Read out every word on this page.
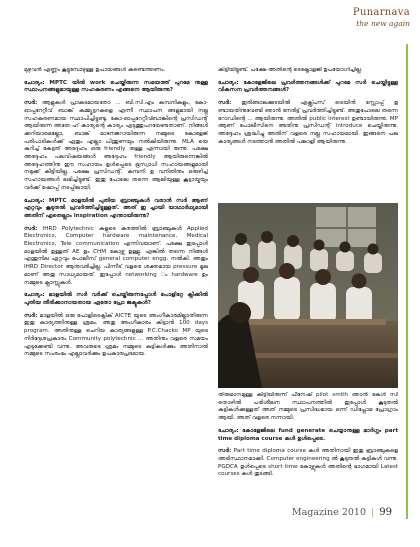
Punarnava
the new again

മുഴുവൻ എണ്ണം കൂട്ടുമ്പോഴുള്ള ഉപായങ്ങൾ കണ്ടെത്തണം.

ചോദ്യം: MPTC യിൽ work ചെയ്തിരുന്ന സമയത്ത് പുറമേ നുള്ള സ്ഥാപനങ്ങളുമായുള്ള സഹകരണം എങ്ങനെ ആയിരുന്നു?

സർ: ആളുകൾ പ്രാകടമായതോ ... ബി.സി.എം കമ്പനികളും, കോ-ഓപ്പറേറ്റീവ് ബാങ്ക് കമ്മ്യൂട്ടറകളെ എന്നീ സ്ഥാപന ങ്ങളുമായി നല്ല സഹകരണമായ സ്ഥാപിച്ചിട്ടുണ്ടു. കോ-ഓപ്പറേറ്റീവ്ബാങ്കിന്റെ പ്രസിഡന്റ് ആയിരുന്ന അതേ ഹ് കാര്യന്റെ കാര്യം എടുത്തുപറയേണ്ടതാണ്. നിങ്ങൾ ക്കറിയാമെല്ലോ, ബാങ്ക് മാനേജറായിരുന്ന നമ്മുടെ കോളേജ് പരിപാടികൾക്ക് ഏതും എല്ലാ പിന്തുണയും നൽകിയിരുന്നു. MLA യെ കുറിച്ച് കേട്ടത് അദ്ദേഹം ഒരു friendly രുള്ള എന്നായി രുന്നു. പക്ഷേ അദ്ദേഹം പലവിഷയങ്ങൾ അദ്ദേഹം friendly ആയിരുന്നെങ്കിൽ അദ്ദേഹത്തിനു ഈ സഹായം ഉൾപ്പെടെ ഭൂസ്വാധി സഹായങ്ങളുമായി നമുക്ക് കിട്ടിയില്ല. പക്ഷേ പ്രസിഡന്റ്, കമ്പനി ഉ വനിതിനും ഒരുഴിച്ച് സഹായങ്ങൾ ലഭിച്ചിട്ടുണ്ട്. ഇതു പോലെ തന്നെ ആലിയുള്ള കൂട്ടായ്മയും വർക്ക് ഷോപ്പ് നടപ്പിലായി.

ചോദ്യം: MPTC മാളയിൽ പുതിയ ബ്രാഞ്ചുകൾ വരാൻ സർ ആണ് എറ്റവും കൂടുതൽ പ്രവർത്തിച്ചിട്ടുള്ളത്. അത് ഇ ച്ചായി യാഥാർഥ്യമായി അതിന് ഏതെല്ലാം inspiration എന്തായിരുന്നു?

സർ: IHRD Polytechnic കളുടെ കരത്തിൽ ബ്രാഞ്ചുകൾ Applied Electronics, Computer hardware maintenance, Medical Electronics, Tele communication എന്നിവയാണ്. പക്ഷേ ഇപ്പോൾ മാളയിൽ ഉള്ളത് AE ഉം CHM കോഴ്സ ഉള്ളു. എങ്കിൽ തന്നെ നിങ്ങൾ എന്തുനില ഏറ്റവും പോലീസ് general computer engg. നൽകി. അതും IHRD Director ആനുവദിച്ചില്ല. പിന്നീട് വളരെ ശക്തമായ pressure മൂല മാണ് അതു സാധ്യമായത്. ഇപ്പോൾ networking ം hardware ഉം നമ്മുടെ ക്ലാസ്സുകൾ.

ചോദ്യം: മാളയിൽ സർ വർക്ക് ചെയ്തിരുന്നപ്പോൾ പോളിറ്റേ ക്നിക്കിൽ പുതിയ തീരിക്കാനായതായ ഏതോ പ്രോ ജക്ടുകൾ?

സർ: മാളയിൽ ഒരു പോളിടെക്നിക് AICTE യുടെ അംഗീകാരമില്ലാതിരുന്ന ഇതു കാര്യത്തിനുള്ള ശ്രമം. അതു അംഗീകാരം കിട്ടാൻ 100 days program. അതിനുള്ള ചെറിയ കാര്യങ്ങളുള്ള P.C.Chacko MP യുടെ നിർദ്ദേശപ്രകാരം Community polytechnic ... അതിനും വളരെ സമയം എടുക്കേണ്ടി വന്നു. അവരുടെ ശ്രമം നമ്മുടെ കുട്ടികൾക്കും അതിനാൽ നമ്മുടെ സംരംഭം എല്ലാവർക്കും ഉപകാരപ്രദമായ.

കിട്ടിയിട്ടുണ്ട്. പക്ഷേ അതിന്റെ ടെക്നോളജി ഉപയോഗിച്ചില്ല.

ചോദ്യം: കോളേജിലെ പ്രവർത്തനങ്ങൾക്ക് പുറമേ സർ ചെയ്തിട്ടുള്ള വികസന പ്രവർത്തനങ്ങൾ?

സർ: ഇരിങ്ങാലക്കുടയിൽ എക്സ്പ്രസ് ട്രെയിൻ സ്റ്റോപ്പ് ഉ ണ്ടായതിനുവേണ്ടി ഞാൻ നേരിട്ട് പ്രവർത്തിച്ചിട്ടുണ്ട്. അതുപോലെ തന്നെ റോഡിന്റെ ... ആയിരുന്നു. അതിൽ public interest ഉണ്ടായിരുന്നു. MP ആണ് പോലീസിനെ അതിനു പ്രസിഡന്റ് introduce ചെയ്തിരുന്നു. അദ്ദേഹം ശ്രദ്ധിച്ചു അതിന് വളരെ നല്ല സഹായമായി. ഇങ്ങനെ പല കാര്യങ്ങൾ നടത്താൻ അതിൽ പങ്കാളി ആയിരുന്നു.

തിരുമാനമുള്ള കിട്ടിയിരുന്ന് പീനേഷ് pilot smith ഞാൻ കേൾ സി തൊഴിൽ പരിശീലന സ്ഥാപനത്തിൽ ഇപ്പോൾ കൂടുതൽ കുട്ടികൾക്കുള്ളത് അത് നമ്മുടെ പ്രസിദ്ധമായ ഒന്ന് ഡിപ്ലോമ പ്രോഗ്രാം ആയി. അത് വളരെ നന്നായി.

ചോദ്യം: കോളേജിലെ fund generate ചെയ്യാനുള്ള മാർഗ്ഗം part time diploma course കൾ ഉൾപ്പെടെ.

സർ: Part time diploma course കൾ അതിനായി ഇതു ബ്രാഞ്ചുകളെ അടിസ്ഥാനമാക്കി. Computer engineering ൽ കൂടുതൽ കുട്ടികൾ വന്നു. PGDCA ഉൾപ്പെടെ short time കോഴ്സുകൾ അതിന്റെ ഭാഗമായി Latest courses കൾ തുടങ്ങി.

Magazine 2010 | 99
